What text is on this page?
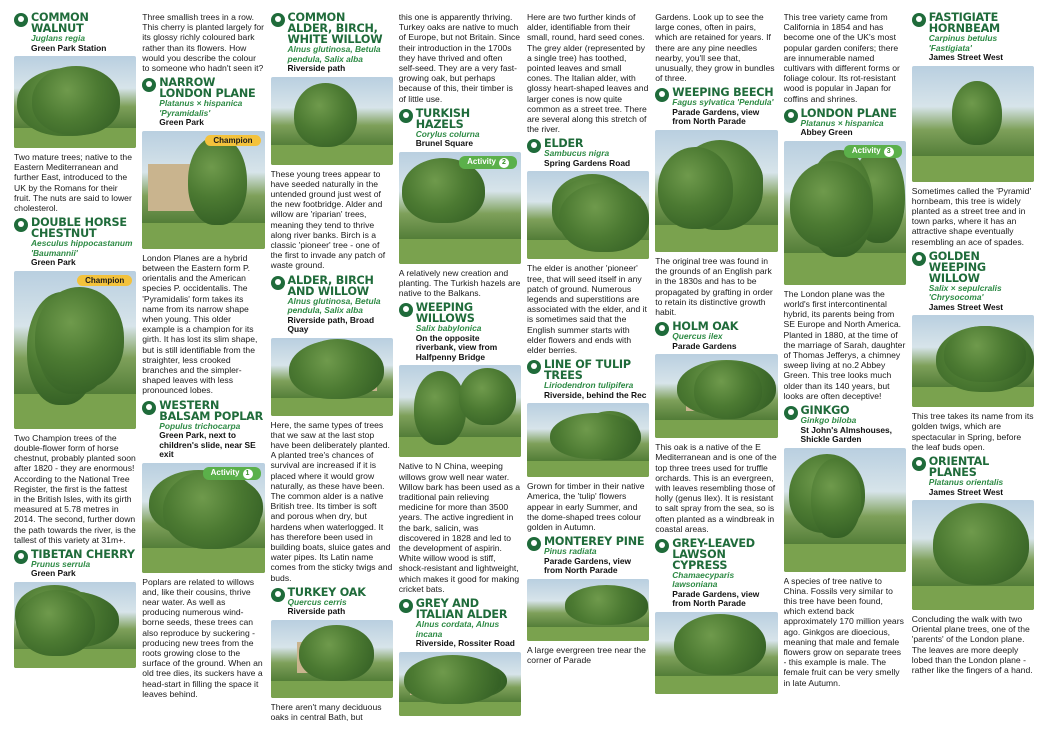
COMMON WALNUT
Juglans regia
Green Park Station

Two mature trees; native to the Eastern Mediterranean and further East, introduced to the UK by the Romans for their fruit. The nuts are said to lower cholesterol.

DOUBLE HORSE CHESTNUT
Aesculus hippocastanum 'Baumannii'
Green Park
Champion

Two Champion trees of the double-flower form of horse chestnut, probably planted soon after 1820 - they are enormous! According to the National Tree Register, the first is the fattest in the British Isles, with its girth measured at 5.78 metres in 2014. The second, further down the path towards the river, is the tallest of this variety at 31m+.

TIBETAN CHERRY
Prunus serrula
Green Park

Three smallish trees in a row. This cherry is planted largely for its glossy richly coloured bark rather than its flowers. How would you describe the colour to someone who hadn't seen it?

NARROW LONDON PLANE
Platanus × hispanica 'Pyramidalis'
Green Park
Champion

London Planes are a hybrid between the Eastern form P. orientalis and the American species P. occidentalis. The 'Pyramidalis' form takes its name from its narrow shape when young. This older example is a champion for its girth. It has lost its slim shape, but is still identifiable from the straighter, less crooked branches and the simpler-shaped leaves with less pronounced lobes.

WESTERN BALSAM POPLAR
Populus trichocarpa
Green Park, next to children's slide, near SE exit
Activity 1

Poplars are related to willows and, like their cousins, thrive near water. As well as producing numerous wind-borne seeds, these trees can also reproduce by suckering - producing new trees from the roots growing close to the surface of the ground. When an old tree dies, its suckers have a head-start in filling the space it leaves behind.

COMMON ALDER, BIRCH, WHITE WILLOW
Alnus glutinosa, Betula pendula, Salix alba
Riverside path

These young trees appear to have seeded naturally in the untended ground just west of the new footbridge. Alder and willow are 'riparian' trees, meaning they tend to thrive along river banks. Birch is a classic 'pioneer' tree - one of the first to invade any patch of waste ground.

ALDER, BIRCH AND WILLOW
Alnus glutinosa, Betula pendula, Salix alba
Riverside path, Broad Quay

Here, the same types of trees that we saw at the last stop have been deliberately planted. A planted tree's chances of survival are increased if it is placed where it would grow naturally, as these have been. The common alder is a native British tree. Its timber is soft and porous when dry, but hardens when waterlogged. It has therefore been used in building boats, sluice gates and water pipes. Its Latin name comes from the sticky twigs and buds.

TURKEY OAK
Quercus cerris
Riverside path

There aren't many deciduous oaks in central Bath, but

this one is apparently thriving. Turkey oaks are native to much of Europe, but not Britain. Since their introduction in the 1700s they have thrived and often self-seed. They are a very fast-growing oak, but perhaps because of this, their timber is of little use.

TURKISH HAZELS
Corylus colurna
Brunel Square
Activity 2

A relatively new creation and planting. The Turkish hazels are native to the Balkans.

WEEPING WILLOWS
Salix babylonica
On the opposite riverbank, view from Halfpenny Bridge

Native to N China, weeping willows grow well near water. Willow bark has been used as a traditional pain relieving medicine for more than 3500 years. The active ingredient in the bark, salicin, was discovered in 1828 and led to the development of aspirin. White willow wood is stiff, shock-resistant and lightweight, which makes it good for making cricket bats.

GREY AND ITALIAN ALDER
Alnus cordata, Alnus incana
Riverside, Rossiter Road

Here are two further kinds of alder, identifiable from their small, round, hard seed cones. The grey alder (represented by a single tree) has toothed, pointed leaves and small cones. The Italian alder, with glossy heart-shaped leaves and larger cones is now quite common as a street tree. There are several along this stretch of the river.

ELDER
Sambucus nigra
Spring Gardens Road

The elder is another 'pioneer' tree, that will seed itself in any patch of ground. Numerous legends and superstitions are associated with the elder, and it is sometimes said that the English summer starts with elder flowers and ends with elder berries.

LINE OF TULIP TREES
Liriodendron tulipifera
Riverside, behind the Rec

Grown for timber in their native America, the 'tulip' flowers appear in early Summer, and the dome-shaped trees colour golden in Autumn.

MONTEREY PINE
Pinus radiata
Parade Gardens, view from North Parade

A large evergreen tree near the corner of Parade

Gardens. Look up to see the large cones, often in pairs, which are retained for years. If there are any pine needles nearby, you'll see that, unusually, they grow in bundles of three.

WEEPING BEECH
Fagus sylvatica 'Pendula'
Parade Gardens, view from North Parade

The original tree was found in the grounds of an English park in the 1830s and has to be propagated by grafting in order to retain its distinctive growth habit.

HOLM OAK
Quercus ilex
Parade Gardens

This oak is a native of the E Mediterranean and is one of the top three trees used for truffle orchards. This is an evergreen, with leaves resembling those of holly (genus Ilex). It is resistant to salt spray from the sea, so is often planted as a windbreak in coastal areas.

GREY-LEAVED LAWSON CYPRESS
Chamaecyparis lawsoniana
Parade Gardens, view from North Parade

This tree variety came from California in 1854 and has become one of the UK's most popular garden conifers; there are innumerable named cultivars with different forms or foliage colour. Its rot-resistant wood is popular in Japan for coffins and shrines.

LONDON PLANE
Platanus × hispanica
Abbey Green
Activity 3

The London plane was the world's first intercontinental hybrid, its parents being from SE Europe and North America. Planted in 1880, at the time of the marriage of Sarah, daughter of Thomas Jefferys, a chimney sweep living at no.2 Abbey Green. This tree looks much older than its 140 years, but looks are often deceptive!

GINKGO
Ginkgo biloba
St John's Almshouses, Shickle Garden

A species of tree native to China. Fossils very similar to this tree have been found, which extend back approximately 170 million years ago. Ginkgos are dioecious, meaning that male and female flowers grow on separate trees - this example is male. The female fruit can be very smelly in late Autumn.

FASTIGIATE HORNBEAM
Carpinus betulus 'Fastigiata'
James Street West

Sometimes called the 'Pyramid' hornbeam, this tree is widely planted as a street tree and in town parks, where it has an attractive shape eventually resembling an ace of spades.

GOLDEN WEEPING WILLOW
Salix × sepulcralis 'Chrysocoma'
James Street West

This tree takes its name from its golden twigs, which are spectacular in Spring, before the leaf buds open.

ORIENTAL PLANES
Platanus orientalis
James Street West

Concluding the walk with two Oriental plane trees, one of the 'parents' of the London plane. The leaves are more deeply lobed than the London plane - rather like the fingers of a hand.
